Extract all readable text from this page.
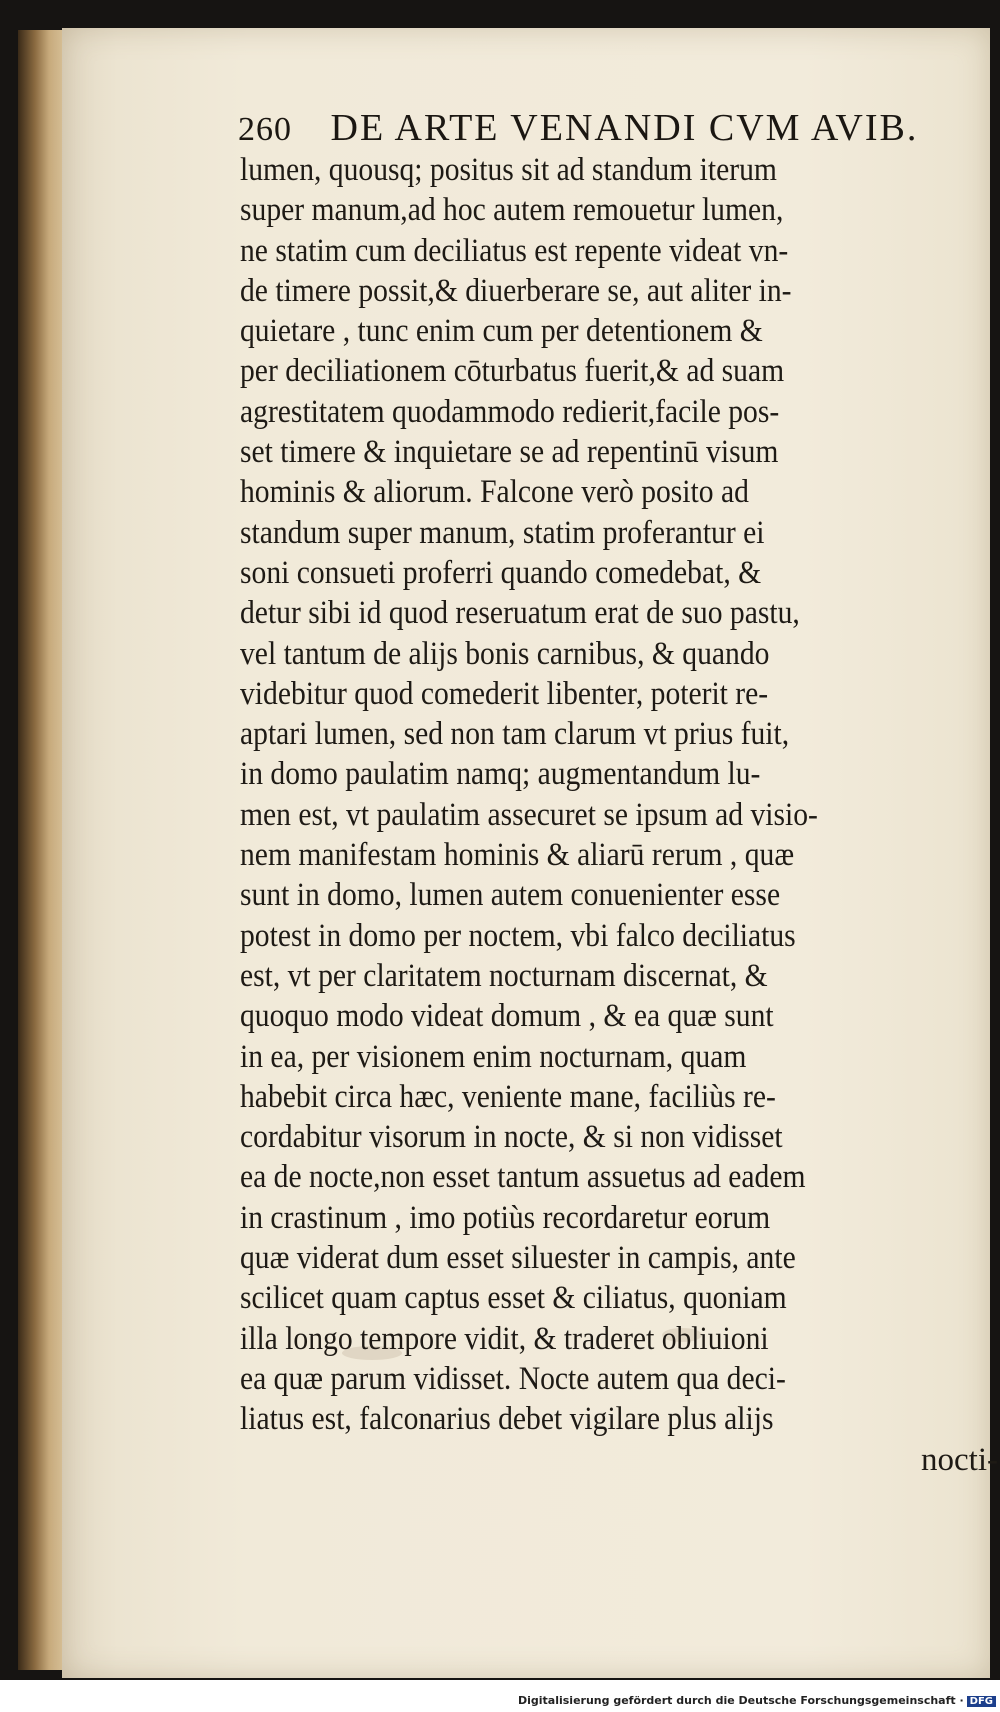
260 DE ARTE VENANDI CVM AVIB.
lumen, quousq; positus sit ad standum iterum
super manum,ad hoc autem remouetur lumen,
ne statim cum deciliatus est repente videat vn-
de timere possit,& diuerberare se, aut aliter in-
quietare , tunc enim cum per detentionem &
per deciliationem cōturbatus fuerit,& ad suam
agrestitatem quodammodo redierit,facile pos-
set timere & inquietare se ad repentinū visum
hominis & aliorum. Falcone verò posito ad
standum super manum, statim proferantur ei
soni consueti proferri quando comedebat, &
detur sibi id quod reseruatum erat de suo pastu,
vel tantum de alijs bonis carnibus, & quando
videbitur quod comederit libenter, poterit re-
aptari lumen, sed non tam clarum vt prius fuit,
in domo paulatim namq; augmentandum lu-
men est, vt paulatim assecuret se ipsum ad visio-
nem manifestam hominis & aliarū rerum , quæ
sunt in domo, lumen autem conuenienter esse
potest in domo per noctem, vbi falco deciliatus
est, vt per claritatem nocturnam discernat, &
quoquo modo videat domum , & ea quæ sunt
in ea, per visionem enim nocturnam, quam
habebit circa hæc, veniente mane, faciliùs re-
cordabitur visorum in nocte, & si non vidisset
ea de nocte,non esset tantum assuetus ad eadem
in crastinum , imo potiùs recordaretur eorum
quæ viderat dum esset siluester in campis, ante
scilicet quam captus esset & ciliatus, quoniam
illa longo tempore vidit, & traderet obliuioni
ea quæ parum vidisset. Nocte autem qua deci-
liatus est, falconarius debet vigilare plus alijs
nocti-
Digitalisierung gefördert durch die Deutsche Forschungsgemeinschaft · DFG
